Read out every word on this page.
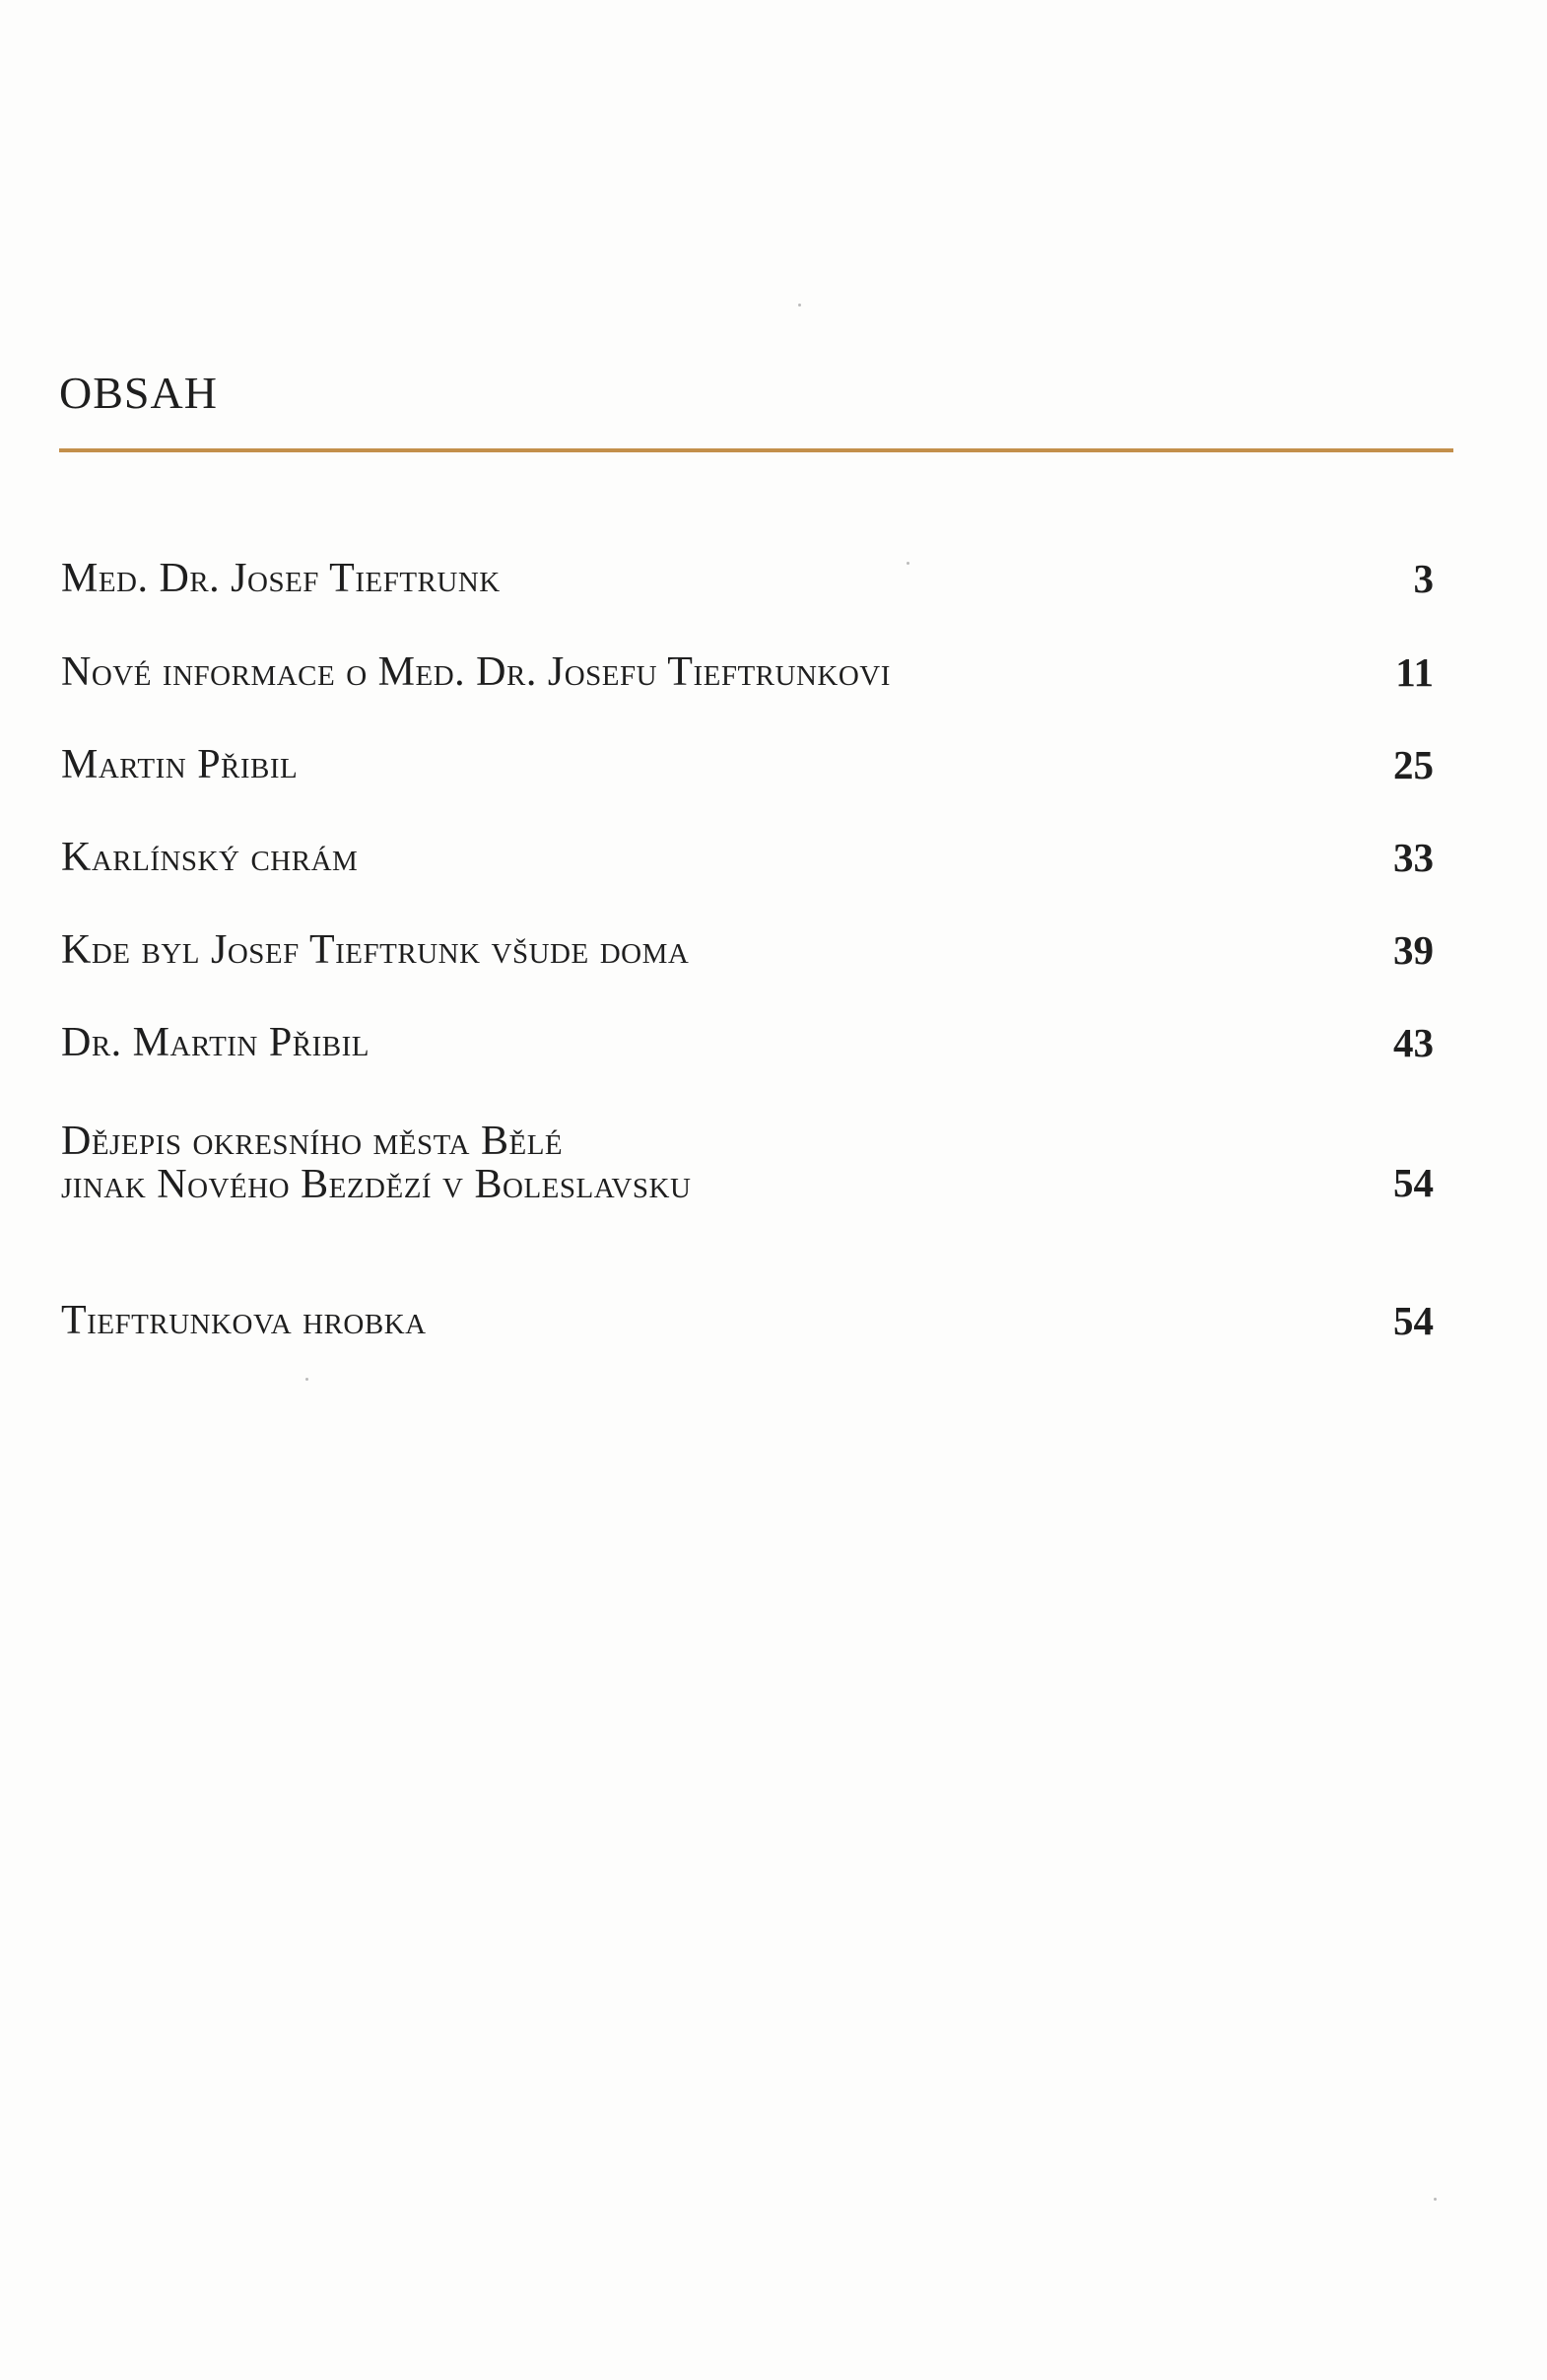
OBSAH
Med. Dr. Josef Tieftrunk	3
Nové informace o Med. Dr. Josefu Tieftrunkovi	11
Martin Přibil	25
Karlínský chrám	33
Kde byl Josef Tieftrunk všude doma	39
Dr. Martin Přibil	43
Dějepis okresního města Bělé
jinak Nového Bezdězí v Boleslavsku	54
Tieftrunkova hrobka	54
